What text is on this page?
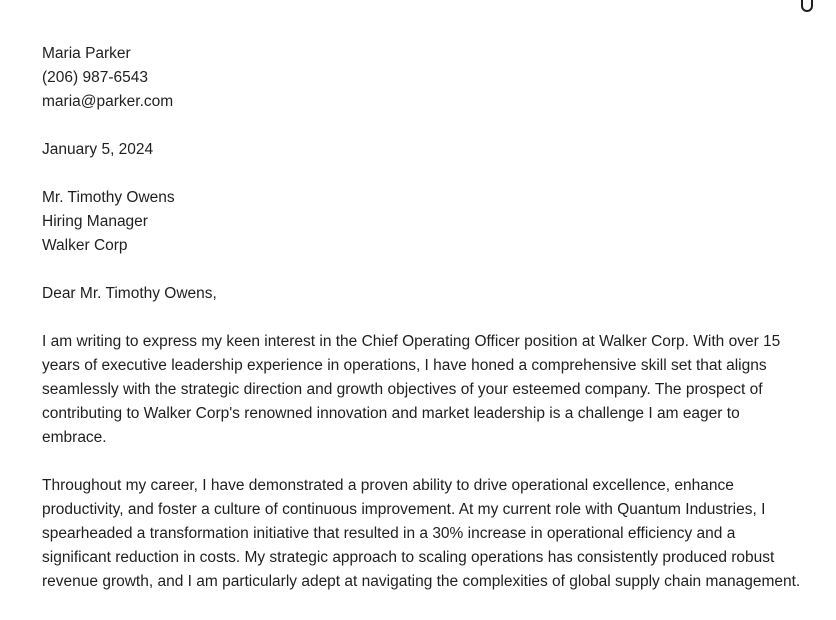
Maria Parker
(206) 987-6543
maria@parker.com
January 5, 2024
Mr. Timothy Owens
Hiring Manager
Walker Corp
Dear Mr. Timothy Owens,

I am writing to express my keen interest in the Chief Operating Officer position at Walker Corp. With over 15 years of executive leadership experience in operations, I have honed a comprehensive skill set that aligns seamlessly with the strategic direction and growth objectives of your esteemed company. The prospect of contributing to Walker Corp's renowned innovation and market leadership is a challenge I am eager to embrace.

Throughout my career, I have demonstrated a proven ability to drive operational excellence, enhance productivity, and foster a culture of continuous improvement. At my current role with Quantum Industries, I spearheaded a transformation initiative that resulted in a 30% increase in operational efficiency and a significant reduction in costs. My strategic approach to scaling operations has consistently produced robust revenue growth, and I am particularly adept at navigating the complexities of global supply chain management.
